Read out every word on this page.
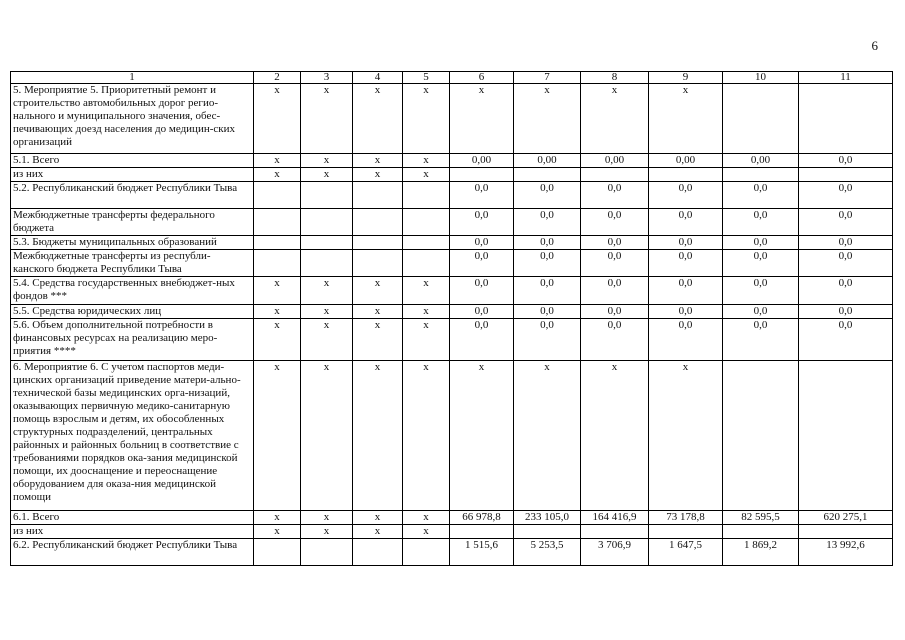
6
1	2	3	4	5	6	7	8	9	10	11
5. Мероприятие 5. Приоритетный ремонт и строительство автомобильных дорог регио-нального и муниципального значения, обес-печивающих доезд населения до медицин-ских организаций	х	х	х	х	х	х	х	х		
5.1. Всего	х	х	х	х	0,00	0,00	0,00	0,00	0,00	0,0
из них	х	х	х	х						
5.2. Республиканский бюджет Республики Тыва					0,0	0,0	0,0	0,0	0,0	0,0
Межбюджетные трансферты федерального бюджета					0,0	0,0	0,0	0,0	0,0	0,0
5.3. Бюджеты муниципальных образований					0,0	0,0	0,0	0,0	0,0	0,0
Межбюджетные трансферты из республи-канского бюджета Республики Тыва					0,0	0,0	0,0	0,0	0,0	0,0
5.4. Средства государственных внебюджет-ных фондов ***	х	х	х	х	0,0	0,0	0,0	0,0	0,0	0,0
5.5. Средства юридических лиц	х	х	х	х	0,0	0,0	0,0	0,0	0,0	0,0
5.6. Объем дополнительной потребности в финансовых ресурсах на реализацию меро-приятия ****	х	х	х	х	0,0	0,0	0,0	0,0	0,0	0,0
6. Мероприятие 6. С учетом паспортов меди-цинских организаций приведение матери-ально-технической базы медицинских орга-низаций, оказывающих первичную медико-санитарную помощь взрослым и детям, их обособленных структурных подразделений, центральных районных и районных больниц в соответствие с требованиями порядков ока-зания медицинской помощи, их дооснащение и переоснащение оборудованием для оказа-ния медицинской помощи	х	х	х	х	х	х	х	х		
6.1. Всего	х	х	х	х	66 978,8	233 105,0	164 416,9	73 178,8	82 595,5	620 275,1
из них	х	х	х	х						
6.2. Республиканский бюджет Республики Тыва					1 515,6	5 253,5	3 706,9	1 647,5	1 869,2	13 992,6
